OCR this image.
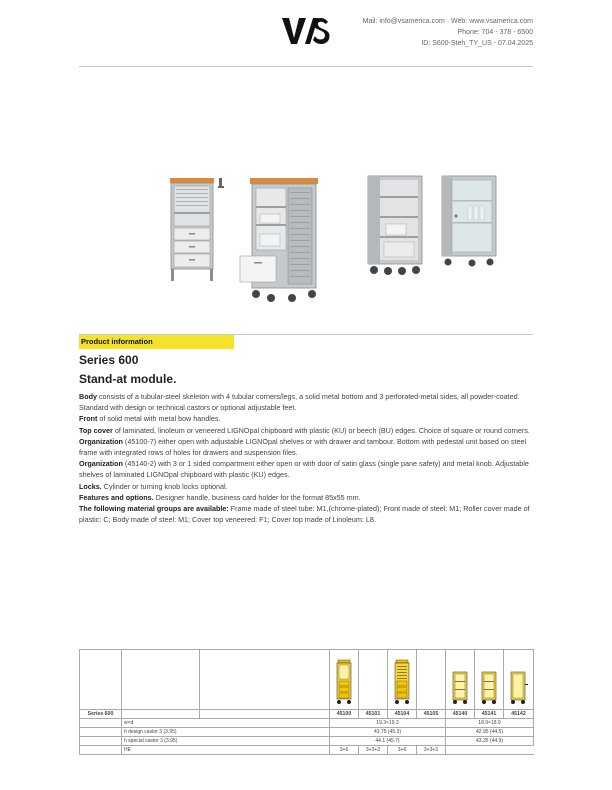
Mail: info@vsamerica.com · Web: www.vsamerica.com
Phone: 704 - 378 - 6500
ID: S600-Steh_TY_US - 07.04.2025
Product information
Series 600
Stand-at module.

Body consists of a tubular-steel skeleton with 4 tubular corners/legs, a solid metal bottom and 3 perforated-metal sides, all powder-coated. Standard with design or technical castors or optional adjustable feet.

Front of solid metal with metal bow handles.

Top cover of laminated, linoleum or veneered LIGNOpal chipboard with plastic (KU) or beech (BU) edges. Choice of square or round corners.

Organization (45100-7) either open with adjustable LIGNOpal shelves or with drawer and tambour. Bottom with pedestal unit based on steel frame with integrated rows of holes for drawers and suspension files.

Organization (45140-2) with 3 or 1 sided compartment either open or with door of satin glass (single pane safety) and metal knob. Adjustable shelves of laminated LIGNOpal chipboard with plastic (KU) edges.

Locks. Cylinder or turning knob locks optional.

Features and options. Designer handle, business card holder for the format 85x55 mm.

The following material groups are available: Frame made of steel tube: M1,(chrome-plated); Front made of steel: M1; Roller cover made of plastic: C; Body made of steel: M1; Cover top veneered: F1; Cover top made of Linoleum: L8.

Series 600			45100	45101	45104	45105	45140	45141	45142
	w×d		19.3×19.3				18.9×18.9		
	h design castor 3 (3.95)		43.75 (45.3)				42.95 (44.5)		
	h special castor 3 (3.95)		44.1 (45.7)				43.35 (44.9)		
	HE		3+6	3+3+3	3+6	3+3+3			
